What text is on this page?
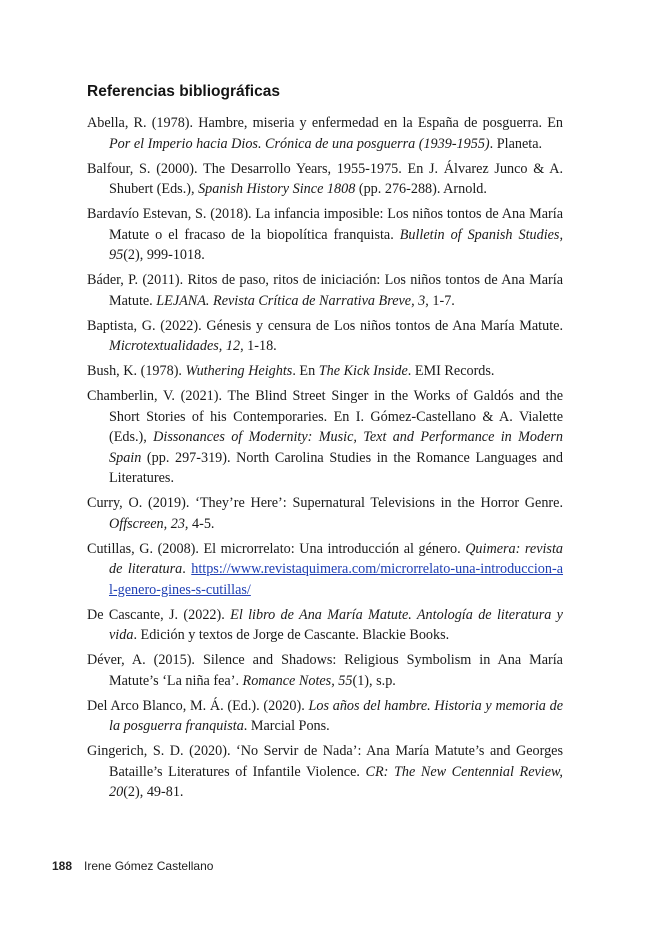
Referencias bibliográficas

Abella, R. (1978). Hambre, miseria y enfermedad en la España de posguerra. En Por el Imperio hacia Dios. Crónica de una posguerra (1939-1955). Planeta.

Balfour, S. (2000). The Desarrollo Years, 1955-1975. En J. Álvarez Junco & A. Shubert (Eds.), Spanish History Since 1808 (pp. 276-288). Arnold.

Bardavío Estevan, S. (2018). La infancia imposible: Los niños tontos de Ana María Matute o el fracaso de la biopolítica franquista. Bulletin of Spanish Studies, 95(2), 999-1018.

Báder, P. (2011). Ritos de paso, ritos de iniciación: Los niños tontos de Ana María Matute. LEJANA. Revista Crítica de Narrativa Breve, 3, 1-7.

Baptista, G. (2022). Génesis y censura de Los niños tontos de Ana María Matute. Microtextualidades, 12, 1-18.

Bush, K. (1978). Wuthering Heights. En The Kick Inside. EMI Records.

Chamberlin, V. (2021). The Blind Street Singer in the Works of Galdós and the Short Stories of his Contemporaries. En I. Gómez-Castellano & A. Vialette (Eds.), Dissonances of Modernity: Music, Text and Performance in Modern Spain (pp. 297-319). North Carolina Studies in the Romance Languages and Literatures.

Curry, O. (2019). ‘They’re Here’: Supernatural Televisions in the Horror Genre. Offscreen, 23, 4-5.

Cutillas, G. (2008). El microrrelato: Una introducción al género. Quimera: revista de literatura. https://www.revistaquimera.com/microrrelato-una-introduccion-al-genero-gines-s-cutillas/

De Cascante, J. (2022). El libro de Ana María Matute. Antología de literatura y vida. Edición y textos de Jorge de Cascante. Blackie Books.

Déver, A. (2015). Silence and Shadows: Religious Symbolism in Ana María Matute’s ‘La niña fea’. Romance Notes, 55(1), s.p.

Del Arco Blanco, M. Á. (Ed.). (2020). Los años del hambre. Historia y memoria de la posguerra franquista. Marcial Pons.

Gingerich, S. D. (2020). ‘No Servir de Nada’: Ana María Matute’s and Georges Bataille’s Literatures of Infantile Violence. CR: The New Centennial Review, 20(2), 49-81.

188 Irene Gómez Castellano
